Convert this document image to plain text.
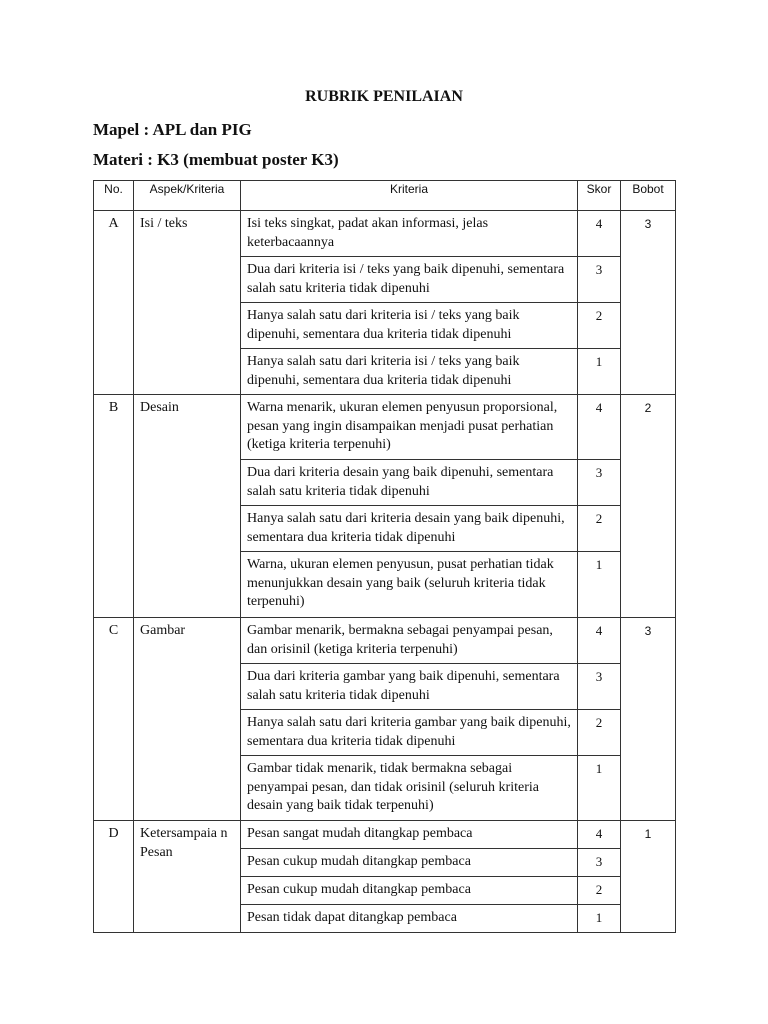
RUBRIK PENILAIAN
Mapel : APL dan PIG
Materi : K3 (membuat poster K3)
No.	Aspek/Kriteria	Kriteria	Skor	Bobot
A	Isi / teks	Isi teks singkat, padat akan informasi, jelas keterbacaannya	4	3
		Dua dari kriteria isi / teks yang baik dipenuhi, sementara salah satu kriteria tidak dipenuhi	3	
		Hanya salah satu dari kriteria isi / teks yang baik dipenuhi, sementara dua kriteria tidak dipenuhi	2	
		Hanya salah satu dari kriteria isi / teks yang baik dipenuhi, sementara dua kriteria tidak dipenuhi	1	
B	Desain	Warna menarik, ukuran elemen penyusun proporsional, pesan yang ingin disampaikan menjadi pusat perhatian (ketiga kriteria terpenuhi)	4	2
		Dua dari kriteria desain yang baik dipenuhi, sementara salah satu kriteria tidak dipenuhi	3	
		Hanya salah satu dari kriteria desain yang baik dipenuhi, sementara dua kriteria tidak dipenuhi	2	
		Warna, ukuran elemen penyusun, pusat perhatian tidak menunjukkan desain yang baik (seluruh kriteria tidak terpenuhi)	1	
C	Gambar	Gambar menarik, bermakna sebagai penyampai pesan, dan orisinil (ketiga kriteria terpenuhi)	4	3
		Dua dari kriteria gambar yang baik dipenuhi, sementara salah satu kriteria tidak dipenuhi	3	
		Hanya salah satu dari kriteria gambar yang baik dipenuhi, sementara dua kriteria tidak dipenuhi	2	
		Gambar tidak menarik, tidak bermakna sebagai penyampai pesan, dan tidak orisinil (seluruh kriteria desain yang baik tidak terpenuhi)	1	
D	Ketersampaia n Pesan	Pesan sangat mudah ditangkap pembaca	4	1
		Pesan cukup mudah ditangkap pembaca	3	
		Pesan cukup mudah ditangkap pembaca	2	
		Pesan tidak dapat ditangkap pembaca	1	
